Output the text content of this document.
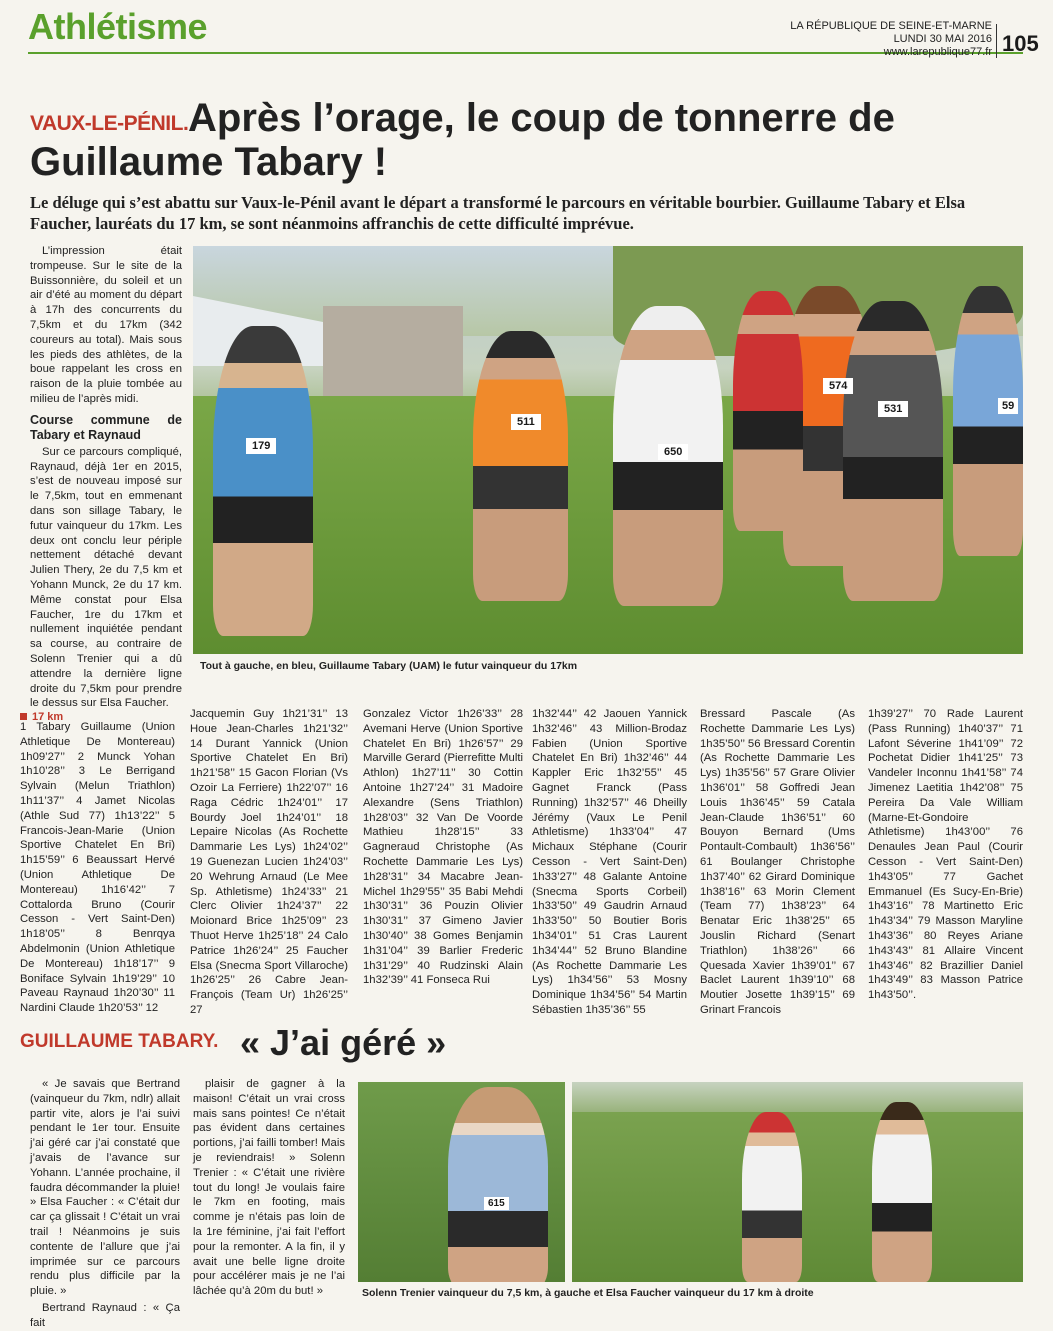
Athlétisme	LA RÉPUBLIQUE DE SEINE-ET-MARNE
LUNDI 30 MAI 2016
www.larepublique77.fr 105
VAUX-LE-PÉNIL. Après l’orage, le coup de tonnerre de
Guillaume Tabary !
Le déluge qui s’est abattu sur Vaux-le-Pénil avant le départ a transformé le parcours en véritable bourbier. Guillaume Tabary et Elsa Faucher, lauréats du 17 km, se sont néanmoins affranchis de cette difficulté imprévue.

L’impression était trompeuse. Sur le site de la Buissonnière, du soleil et un air d’été au moment du départ à 17h des concurrents du 7,5km et du 17km (342 coureurs au total). Mais sous les pieds des athlètes, de la boue rappelant les cross en raison de la pluie tombée au milieu de l’après midi.

Course commune de Tabary et Raynaud

Sur ce parcours compliqué, Raynaud, déjà 1er en 2015, s’est de nouveau imposé sur le 7,5km, tout en emmenant dans son sillage Tabary, le futur vainqueur du 17km. Les deux ont conclu leur périple nettement détaché devant Julien Thery, 2e du 7,5 km et Yohann Munck, 2e du 17 km. Même constat pour Elsa Faucher, 1re du 17km et nullement inquiétée pendant sa course, au contraire de Solenn Trenier qui a dû attendre la dernière ligne droite du 7,5km pour prendre le dessus sur Elsa Faucher.

179
511
650
531
574
59
Tout à gauche, en bleu, Guillaume Tabary (UAM) le futur vainqueur du 17km
17 km
1 Tabary Guillaume (Union Athletique De Montereau) 1h09’27’’ 2 Munck Yohan 1h10’28’’ 3 Le Berrigand Sylvain (Melun Triathlon) 1h11’37’’ 4 Jamet Nicolas (Athle Sud 77) 1h13’22’’ 5 Francois-Jean-Marie (Union Sportive Chatelet En Bri) 1h15’59’’ 6 Beaussart Hervé (Union Athletique De Montereau) 1h16’42’’ 7 Cottalorda Bruno (Courir Cesson - Vert Saint-Den) 1h18’05’’ 8 Benrqya Abdelmonin (Union Athletique De Montereau) 1h18’17’’ 9 Boniface Sylvain 1h19’29’’ 10 Paveau Raynaud 1h20’30’’ 11 Nardini Claude 1h20’53’’ 12
Jacquemin Guy 1h21’31’’ 13 Houe Jean-Charles 1h21’32’’ 14 Durant Yannick (Union Sportive Chatelet En Bri) 1h21’58’’ 15 Gacon Florian (Vs Ozoir La Ferriere) 1h22’07’’ 16 Raga Cédric 1h24’01’’ 17 Bourdy Joel 1h24’01’’ 18 Lepaire Nicolas (As Rochette Dammarie Les Lys) 1h24’02’’ 19 Guenezan Lucien 1h24’03’’ 20 Wehrung Arnaud (Le Mee Sp. Athletisme) 1h24’33’’ 21 Clerc Olivier 1h24’37’’ 22 Moionard Brice 1h25’09’’ 23 Thuot Herve 1h25’18’’ 24 Calo Patrice 1h26’24’’ 25 Faucher Elsa (Snecma Sport Villaroche) 1h26’25’’ 26 Cabre Jean-François (Team Ur) 1h26’25’’ 27
Gonzalez Victor 1h26’33’’ 28 Avemani Herve (Union Sportive Chatelet En Bri) 1h26’57’’ 29 Marville Gerard (Pierrefitte Multi Athlon) 1h27’11’’ 30 Cottin Antoine 1h27’24’’ 31 Madoire Alexandre (Sens Triathlon) 1h28’03’’ 32 Van De Voorde Mathieu 1h28’15’’ 33 Gagneraud Christophe (As Rochette Dammarie Les Lys) 1h28’31’’ 34 Macabre Jean-Michel 1h29’55’’ 35 Babi Mehdi 1h30’31’’ 36 Pouzin Olivier 1h30’31’’ 37 Gimeno Javier 1h30’40’’ 38 Gomes Benjamin 1h31’04’’ 39 Barlier Frederic 1h31’29’’ 40 Rudzinski Alain 1h32’39’’ 41 Fonseca Rui
1h32’44’’ 42 Jaouen Yannick 1h32’46’’ 43 Million-Brodaz Fabien (Union Sportive Chatelet En Bri) 1h32’46’’ 44 Kappler Eric 1h32’55’’ 45 Gagnet Franck (Pass Running) 1h32’57’’ 46 Dheilly Jérémy (Vaux Le Penil Athletisme) 1h33’04’’ 47 Michaux Stéphane (Courir Cesson - Vert Saint-Den) 1h33’27’’ 48 Galante Antoine (Snecma Sports Corbeil) 1h33’50’’ 49 Gaudrin Arnaud 1h33’50’’ 50 Boutier Boris 1h34’01’’ 51 Cras Laurent 1h34’44’’ 52 Bruno Blandine (As Rochette Dammarie Les Lys) 1h34’56’’ 53 Mosny Dominique 1h34’56’’ 54 Martin Sébastien 1h35’36’’ 55
Bressard Pascale (As Rochette Dammarie Les Lys) 1h35’50’’ 56 Bressard Corentin (As Rochette Dammarie Les Lys) 1h35’56’’ 57 Grare Olivier 1h36’01’’ 58 Goffredi Jean Louis 1h36’45’’ 59 Catala Jean-Claude 1h36’51’’ 60 Bouyon Bernard (Ums Pontault-Combault) 1h36’56’’ 61 Boulanger Christophe 1h37’40’’ 62 Girard Dominique 1h38’16’’ 63 Morin Clement (Team 77) 1h38’23’’ 64 Benatar Eric 1h38’25’’ 65 Jouslin Richard (Senart Triathlon) 1h38’26’’ 66 Quesada Xavier 1h39’01’’ 67 Baclet Laurent 1h39’10’’ 68 Moutier Josette 1h39’15’’ 69 Grinart Francois
1h39’27’’ 70 Rade Laurent (Pass Running) 1h40’37’’ 71 Lafont Séverine 1h41’09’’ 72 Pochetat Didier 1h41’25’’ 73 Vandeler Inconnu 1h41’58’’ 74 Jimenez Laetitia 1h42’08’’ 75 Pereira Da Vale William (Marne-Et-Gondoire Athletisme) 1h43’00’’ 76 Denaules Jean Paul (Courir Cesson - Vert Saint-Den) 1h43’05’’ 77 Gachet Emmanuel (Es Sucy-En-Brie) 1h43’16’’ 78 Martinetto Eric 1h43’34’’ 79 Masson Maryline 1h43’36’’ 80 Reyes Ariane 1h43’43’’ 81 Allaire Vincent 1h43’46’’ 82 Brazillier Daniel 1h43’49’’ 83 Masson Patrice 1h43’50’’.
GUILLAUME TABARY. « J’ai géré »

« Je savais que Bertrand (vainqueur du 7km, ndlr) allait partir vite, alors je l’ai suivi pendant le 1er tour. Ensuite j’ai géré car j’ai constaté que j’avais de l’avance sur Yohann. L’année prochaine, il faudra décommander la pluie! » Elsa Faucher : « C’était dur car ça glissait ! C’était un vrai trail ! Néanmoins je suis contente de l’allure que j’ai imprimée sur ce parcours rendu plus difficile par la pluie. »

Bertrand Raynaud : « Ça fait

plaisir de gagner à la maison! C’était un vrai cross mais sans pointes! Ce n’était pas évident dans certaines portions, j’ai failli tomber! Mais je reviendrais! » Solenn Trenier : « C’était une rivière tout du long! Je voulais faire le 7km en footing, mais comme je n’étais pas loin de la 1re féminine, j’ai fait l’effort pour la remonter. A la fin, il y avait une belle ligne droite pour accélérer mais je ne l’ai lâchée qu’à 20m du but! »

615
Solenn Trenier vainqueur du 7,5 km, à gauche et Elsa Faucher vainqueur du 17 km à droite
